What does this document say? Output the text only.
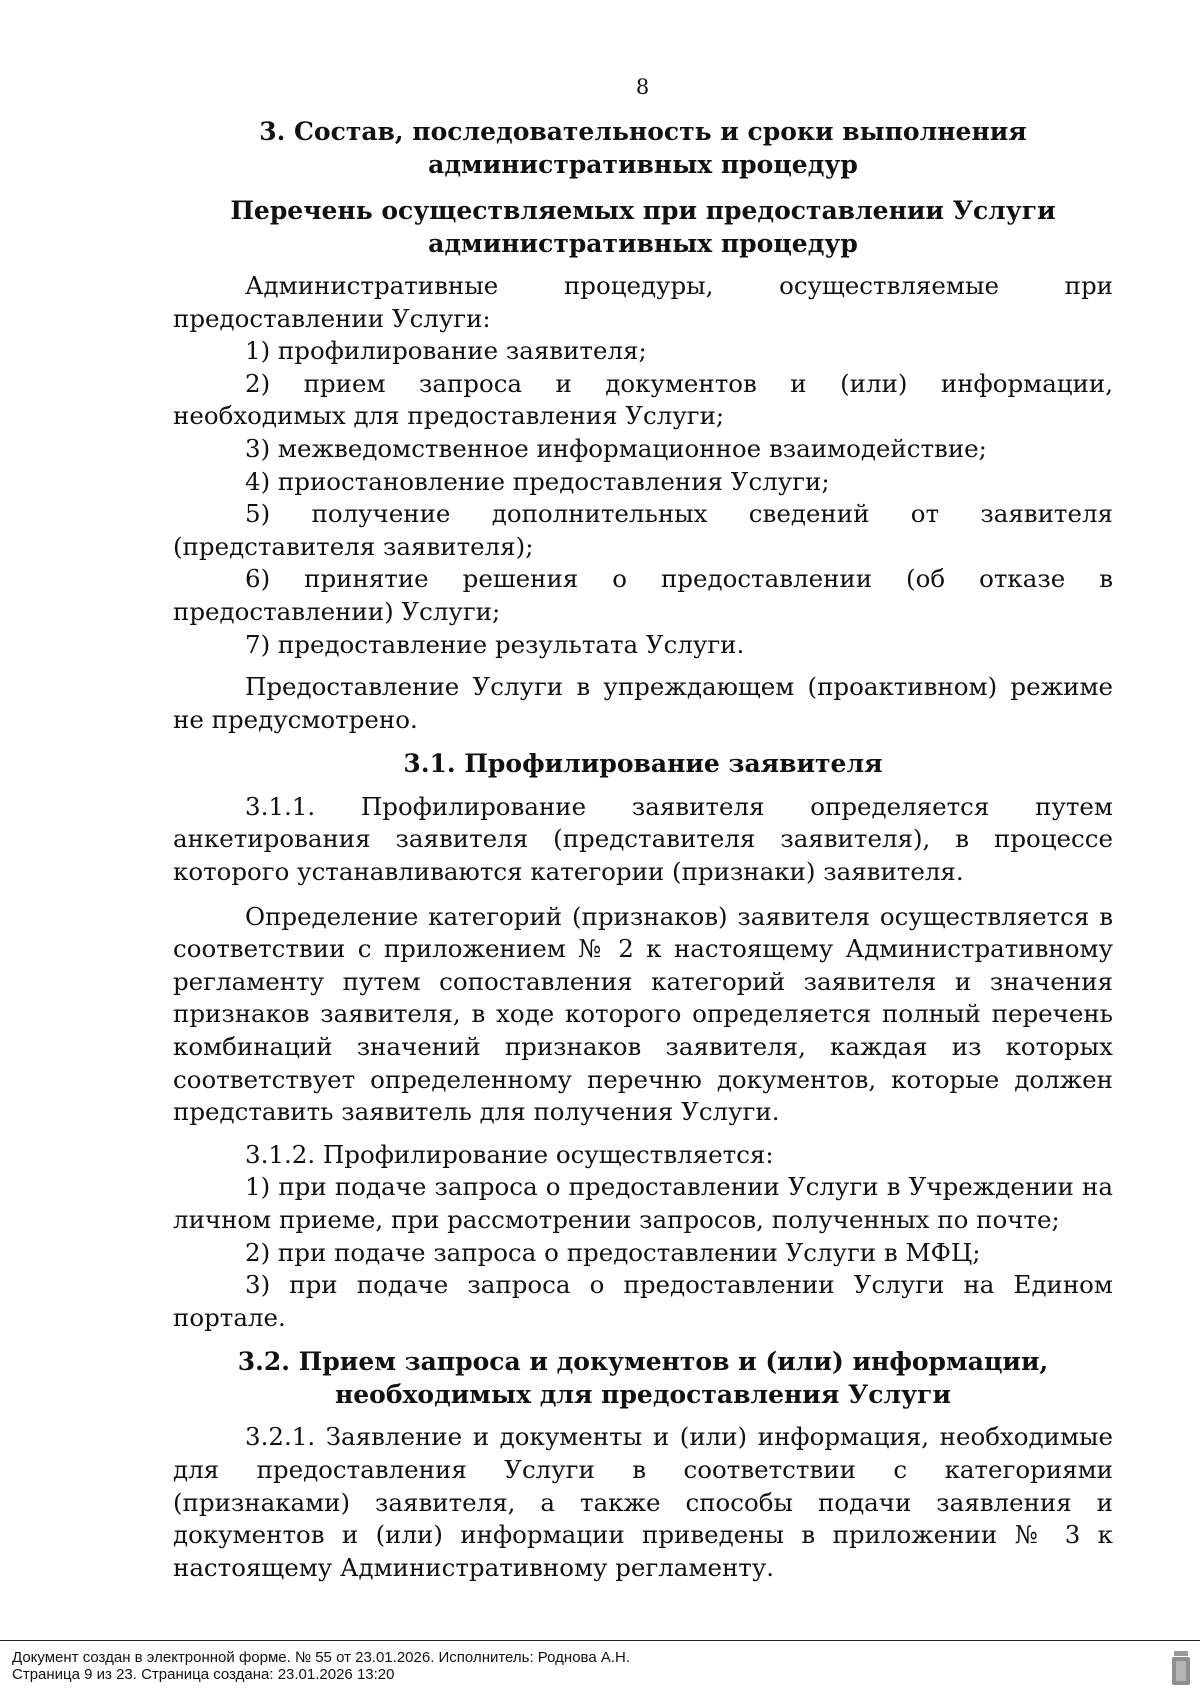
8
3. Состав, последовательность и сроки выполнения административных процедур
Перечень осуществляемых при предоставлении Услуги административных процедур

Административные процедуры, осуществляемые при предоставлении Услуги:

1) профилирование заявителя;

2) прием запроса и документов и (или) информации, необходимых для предоставления Услуги;

3) межведомственное информационное взаимодействие;

4) приостановление предоставления Услуги;

5) получение дополнительных сведений от заявителя (представителя заявителя);

6) принятие решения о предоставлении (об отказе в предоставлении) Услуги;

7) предоставление результата Услуги.

Предоставление Услуги в упреждающем (проактивном) режиме не предусмотрено.

3.1. Профилирование заявителя

3.1.1. Профилирование заявителя определяется путем анкетирования заявителя (представителя заявителя), в процессе которого устанавливаются категории (признаки) заявителя.

Определение категорий (признаков) заявителя осуществляется в соответствии с приложением № 2 к настоящему Административному регламенту путем сопоставления категорий заявителя и значения признаков заявителя, в ходе которого определяется полный перечень комбинаций значений признаков заявителя, каждая из которых соответствует определенному перечню документов, которые должен представить заявитель для получения Услуги.

3.1.2. Профилирование осуществляется:

1) при подаче запроса о предоставлении Услуги в Учреждении на личном приеме, при рассмотрении запросов, полученных по почте;

2) при подаче запроса о предоставлении Услуги в МФЦ;

3) при подаче запроса о предоставлении Услуги на Едином портале.

3.2. Прием запроса и документов и (или) информации, необходимых для предоставления Услуги

3.2.1. Заявление и документы и (или) информация, необходимые для предоставления Услуги в соответствии с категориями (признаками) заявителя, а также способы подачи заявления и документов и (или) информации приведены в приложении № 3 к настоящему Административному регламенту.

Документ создан в электронной форме. № 55 от 23.01.2026. Исполнитель: Роднова А.Н.
Страница 9 из 23. Страница создана: 23.01.2026 13:20
